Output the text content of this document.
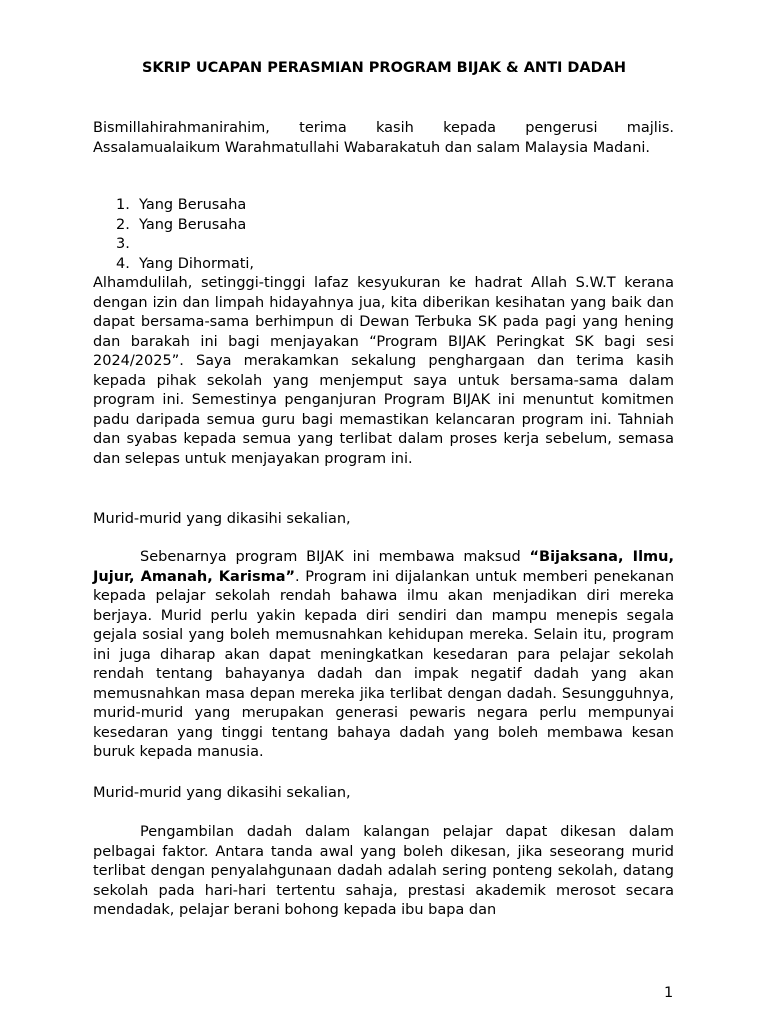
SKRIP UCAPAN PERASMIAN PROGRAM BIJAK & ANTI DADAH

Bismillahirahmanirahim, terima kasih kepada pengerusi majlis. Assalamualaikum Warahmatullahi Wabarakatuh dan salam Malaysia Madani.

1. Yang Berusaha
2. Yang Berusaha
3.
4. Yang Dihormati,

Alhamdulilah, setinggi-tinggi lafaz kesyukuran ke hadrat Allah S.W.T kerana dengan izin dan limpah hidayahnya jua, kita diberikan kesihatan yang baik dan dapat bersama-sama berhimpun di Dewan Terbuka SK pada pagi yang hening dan barakah ini bagi menjayakan “Program BIJAK Peringkat SK bagi sesi 2024/2025”. Saya merakamkan sekalung penghargaan dan terima kasih kepada pihak sekolah yang menjemput saya untuk bersama-sama dalam program ini. Semestinya penganjuran Program BIJAK ini menuntut komitmen padu daripada semua guru bagi memastikan kelancaran program ini. Tahniah dan syabas kepada semua yang terlibat dalam proses kerja sebelum, semasa dan selepas untuk menjayakan program ini.

Murid-murid yang dikasihi sekalian,

Sebenarnya program BIJAK ini membawa maksud “Bijaksana, Ilmu, Jujur, Amanah, Karisma”. Program ini dijalankan untuk memberi penekanan kepada pelajar sekolah rendah bahawa ilmu akan menjadikan diri mereka berjaya. Murid perlu yakin kepada diri sendiri dan mampu menepis segala gejala sosial yang boleh memusnahkan kehidupan mereka. Selain itu, program ini juga diharap akan dapat meningkatkan kesedaran para pelajar sekolah rendah tentang bahayanya dadah dan impak negatif dadah yang akan memusnahkan masa depan mereka jika terlibat dengan dadah. Sesungguhnya, murid-murid yang merupakan generasi pewaris negara perlu mempunyai kesedaran yang tinggi tentang bahaya dadah yang boleh membawa kesan buruk kepada manusia.

Murid-murid yang dikasihi sekalian,

Pengambilan dadah dalam kalangan pelajar dapat dikesan dalam pelbagai faktor. Antara tanda awal yang boleh dikesan, jika seseorang murid terlibat dengan penyalahgunaan dadah adalah sering ponteng sekolah, datang sekolah pada hari-hari tertentu sahaja, prestasi akademik merosot secara mendadak, pelajar berani bohong kepada ibu bapa dan

1
